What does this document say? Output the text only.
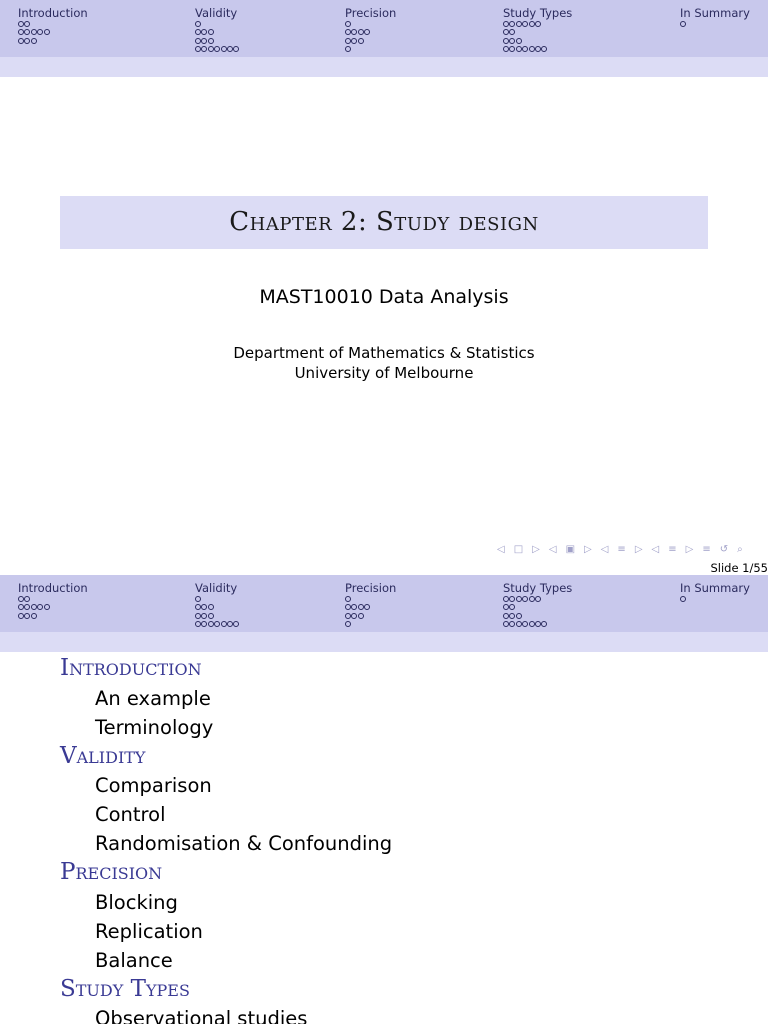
Introduction	Validity	Precision	Study Types	In Summary
Chapter 2: Study design
MAST10010 Data Analysis
Department of Mathematics & Statistics
University of Melbourne
◁ □ ▷ ◁ ▣ ▷ ◁ ≡ ▷ ◁ ≡ ▷ ≡ ↺ ⌕
Slide 1/55
Introduction	Validity	Precision	Study Types	In Summary
Introduction
An example
Terminology
Validity
Comparison
Control
Randomisation & Confounding
Precision
Blocking
Replication
Balance
Study Types
Observational studies
